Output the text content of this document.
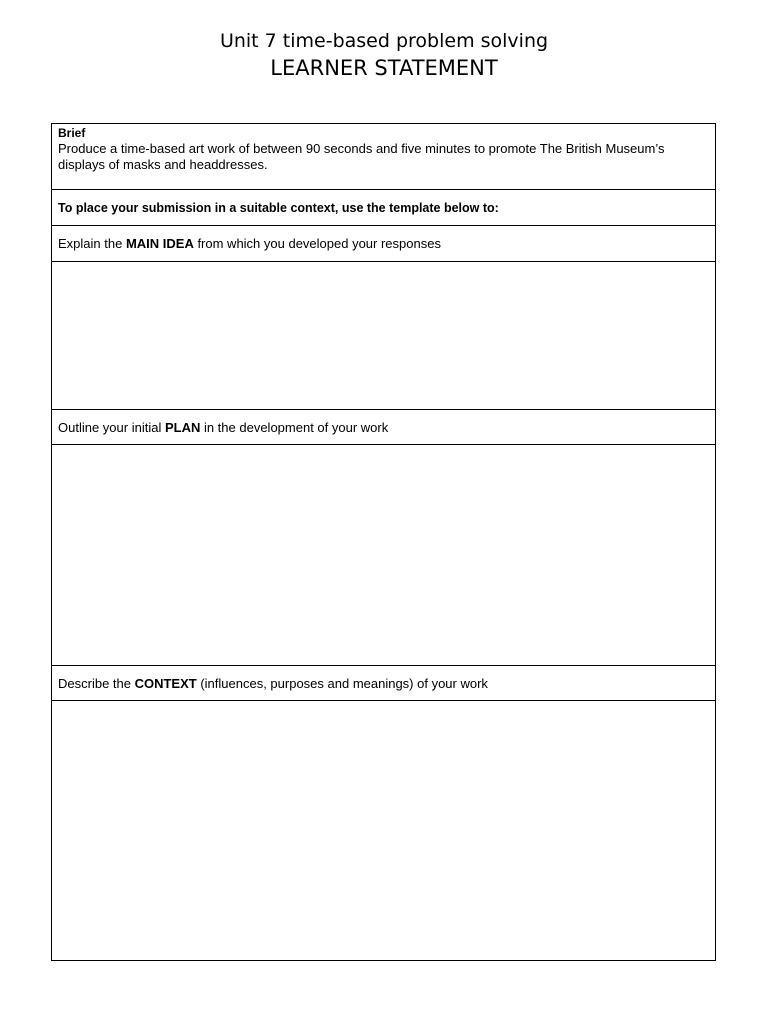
Unit 7 time-based problem solving
LEARNER STATEMENT
Brief
Produce a time-based art work of between 90 seconds and five minutes to promote The British Museum’s displays of masks and headdresses.
To place your submission in a suitable context, use the template below to:
Explain the MAIN IDEA from which you developed your responses
Outline your initial PLAN in the development of your work
Describe the CONTEXT (influences, purposes and meanings) of your work
